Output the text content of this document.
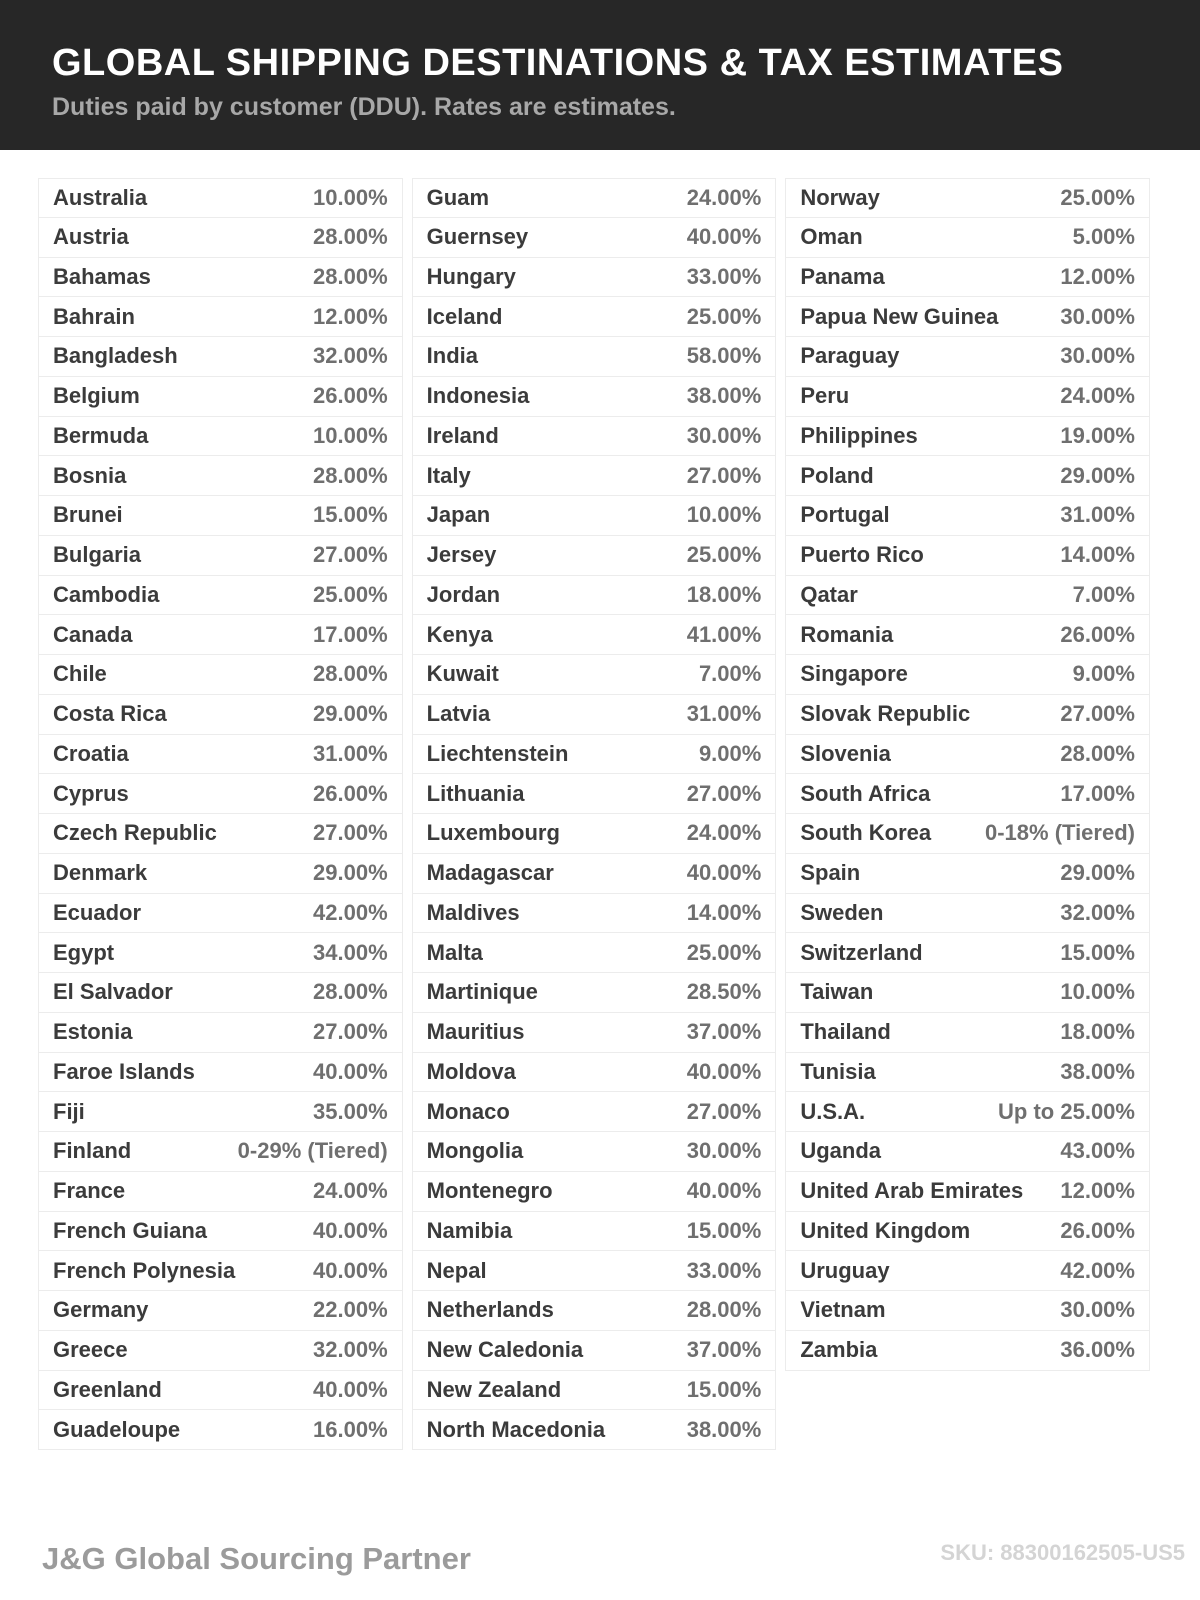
GLOBAL SHIPPING DESTINATIONS & TAX ESTIMATES
Duties paid by customer (DDU). Rates are estimates.
Australia	10.00%
Austria	28.00%
Bahamas	28.00%
Bahrain	12.00%
Bangladesh	32.00%
Belgium	26.00%
Bermuda	10.00%
Bosnia	28.00%
Brunei	15.00%
Bulgaria	27.00%
Cambodia	25.00%
Canada	17.00%
Chile	28.00%
Costa Rica	29.00%
Croatia	31.00%
Cyprus	26.00%
Czech Republic	27.00%
Denmark	29.00%
Ecuador	42.00%
Egypt	34.00%
El Salvador	28.00%
Estonia	27.00%
Faroe Islands	40.00%
Fiji	35.00%
Finland	0-29% (Tiered)
France	24.00%
French Guiana	40.00%
French Polynesia	40.00%
Germany	22.00%
Greece	32.00%
Greenland	40.00%
Guadeloupe	16.00%
Guam	24.00%
Guernsey	40.00%
Hungary	33.00%
Iceland	25.00%
India	58.00%
Indonesia	38.00%
Ireland	30.00%
Italy	27.00%
Japan	10.00%
Jersey	25.00%
Jordan	18.00%
Kenya	41.00%
Kuwait	7.00%
Latvia	31.00%
Liechtenstein	9.00%
Lithuania	27.00%
Luxembourg	24.00%
Madagascar	40.00%
Maldives	14.00%
Malta	25.00%
Martinique	28.50%
Mauritius	37.00%
Moldova	40.00%
Monaco	27.00%
Mongolia	30.00%
Montenegro	40.00%
Namibia	15.00%
Nepal	33.00%
Netherlands	28.00%
New Caledonia	37.00%
New Zealand	15.00%
North Macedonia	38.00%
Norway	25.00%
Oman	5.00%
Panama	12.00%
Papua New Guinea	30.00%
Paraguay	30.00%
Peru	24.00%
Philippines	19.00%
Poland	29.00%
Portugal	31.00%
Puerto Rico	14.00%
Qatar	7.00%
Romania	26.00%
Singapore	9.00%
Slovak Republic	27.00%
Slovenia	28.00%
South Africa	17.00%
South Korea 0-18% (Tiered)
Spain	29.00%
Sweden	32.00%
Switzerland	15.00%
Taiwan	10.00%
Thailand	18.00%
Tunisia	38.00%
U.S.A.	Up to 25.00%
Uganda	43.00%
United Arab Emirates 12.00%
United Kingdom	26.00%
Uruguay	42.00%
Vietnam	30.00%
Zambia	36.00%
J&G Global Sourcing Partner	SKU: 88300162505-US5
